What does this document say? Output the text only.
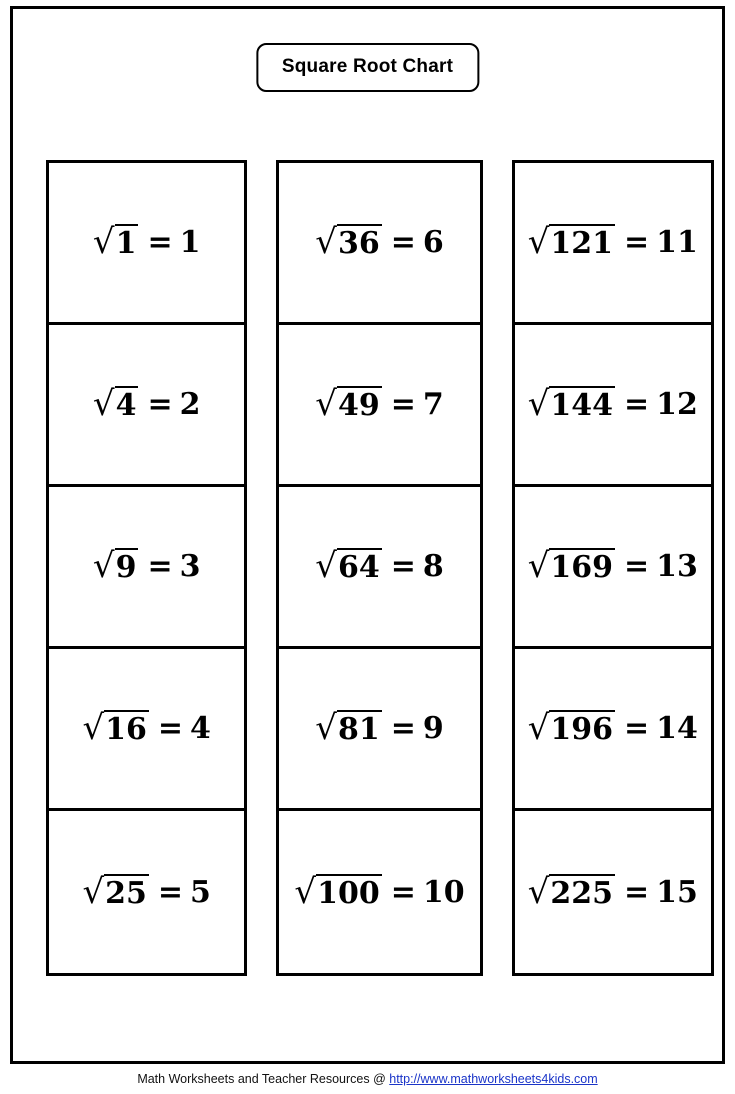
Square Root Chart
√ 1 = 1
√ 4 = 2
√ 9 = 3
√ 16 = 4
√ 25 = 5
√ 36 = 6
√ 49 = 7
√ 64 = 8
√ 81 = 9
√ 100 = 10
√ 121 = 11
√ 144 = 12
√ 169 = 13
√ 196 = 14
√ 225 = 15
Math Worksheets and Teacher Resources @ http://www.mathworksheets4kids.com
